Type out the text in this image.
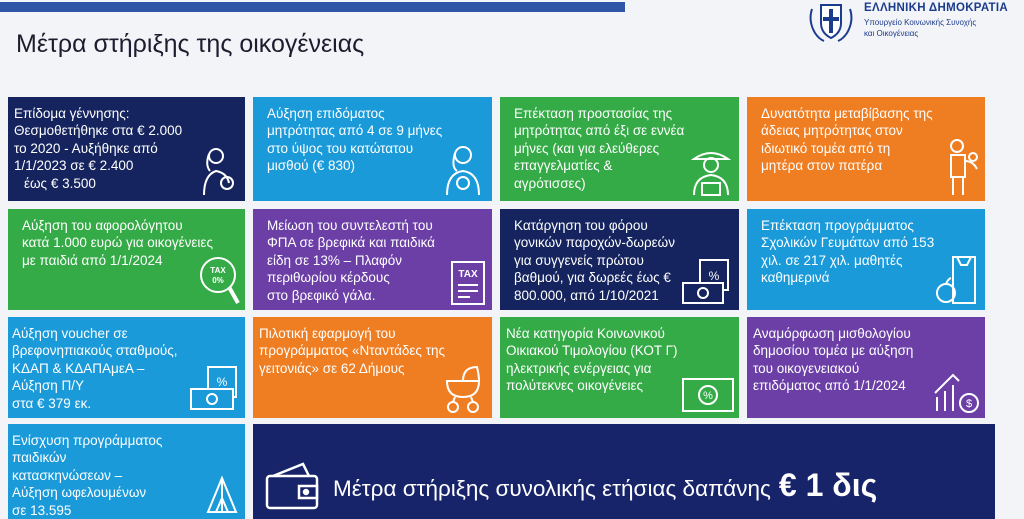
Μέτρα στήριξης της οικογένειας
ΕΛΛΗΝΙΚΗ ΔΗΜΟΚΡΑΤΙΑ
Υπουργείο Κοινωνικής Συνοχής
και Οικογένειας
Επίδομα γέννησης:
Θεσμοθετήθηκε στα € 2.000
το 2020 - Αυξήθηκε από
1/1/2023 σε € 2.400
έως € 3.500
Αύξηση επιδόματος
μητρότητας από 4 σε 9 μήνες
στο ύψος του κατώτατου
μισθού (€ 830)
Επέκταση προστασίας της
μητρότητας από έξι σε εννέα
μήνες (και για ελεύθερες
επαγγελματίες &
αγρότισσες)
Δυνατότητα μεταβίβασης της
άδειας μητρότητας στον
ιδιωτικό τομέα από τη
μητέρα στον πατέρα
Αύξηση του αφορολόγητου
κατά 1.000 ευρώ για οικογένειες
με παιδιά από 1/1/2024
TAX
0%
Μείωση του συντελεστή του
ΦΠΑ σε βρεφικά και παιδικά
είδη σε 13% – Πλαφόν
περιθωρίου κέρδους
στο βρεφικό γάλα.
TAX
Κατάργηση του φόρου
γονικών παροχών-δωρεών
για συγγενείς πρώτου
βαθμού, για δωρεές έως €
800.000, από 1/10/2021
%
Επέκταση προγράμματος
Σχολικών Γευμάτων από 153
χιλ. σε 217 χιλ. μαθητές
καθημερινά
Αύξηση voucher σε
βρεφονηπιακούς σταθμούς,
ΚΔΑΠ & ΚΔΑΠΑμεΑ –
Αύξηση Π/Υ
στα € 379 εκ.
%
Πιλοτική εφαρμογή του
προγράμματος «Νταντάδες της
γειτονιάς» σε 62 Δήμους
Νέα κατηγορία Κοινωνικού
Οικιακού Τιμολογίου (ΚΟΤ Γ)
ηλεκτρικής ενέργειας για
πολύτεκνες οικογένειες
%
Αναμόρφωση μισθολογίου
δημοσίου τομέα με αύξηση
του οικογενειακού
επιδόματος από 1/1/2024
$
Ενίσχυση προγράμματος
παιδικών
κατασκηνώσεων –
Αύξηση ωφελουμένων
σε 13.595
Μέτρα στήριξης συνολικής ετήσιας δαπάνης € 1 δις
